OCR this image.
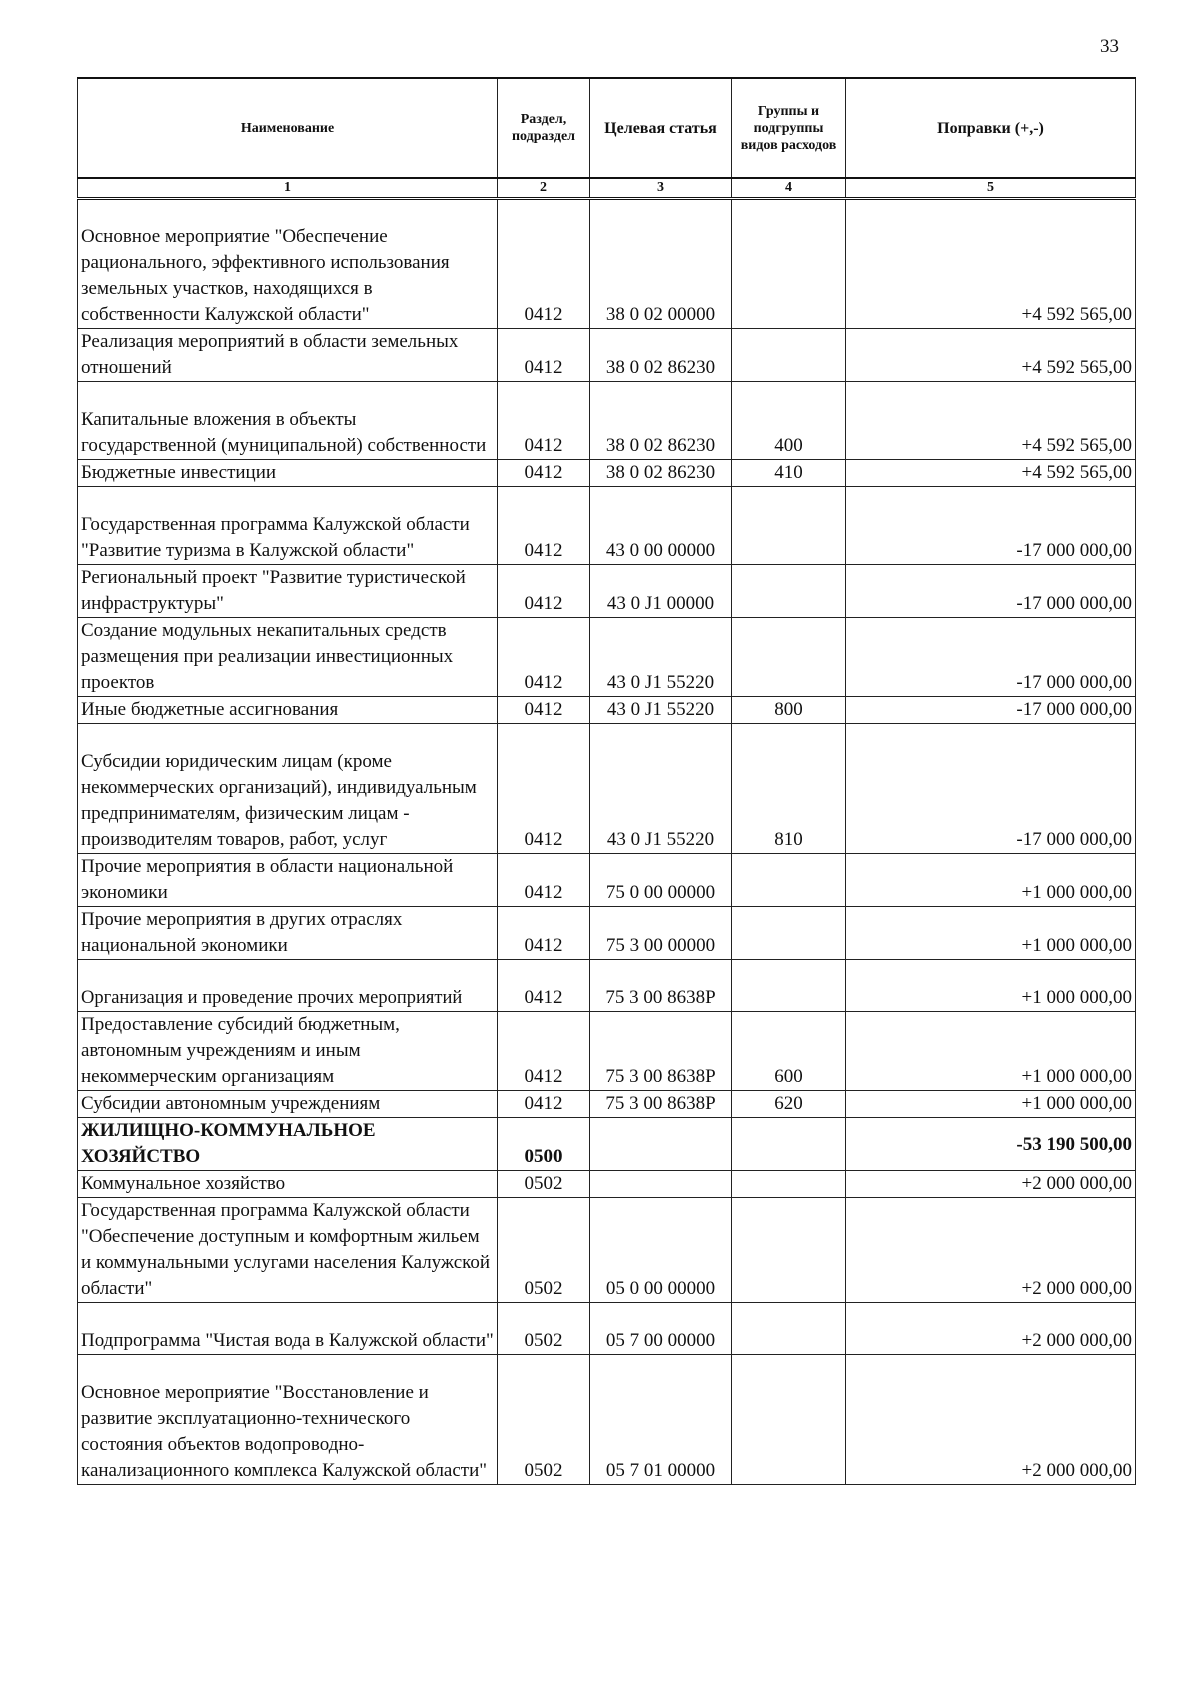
33
Наименование	Раздел, подраздел	Целевая статья	Группы и подгруппы видов расходов	Поправки (+,-)
1	2	3	4	5
Основное мероприятие "Обеспечение рационального, эффективного использования земельных участков, находящихся в собственности Калужской области"	0412	38 0 02 00000		+4 592 565,00
Реализация мероприятий в области земельных отношений	0412	38 0 02 86230		+4 592 565,00
Капитальные вложения в объекты государственной (муниципальной) собственности	0412	38 0 02 86230	400	+4 592 565,00
Бюджетные инвестиции	0412	38 0 02 86230	410	+4 592 565,00
Государственная программа Калужской области "Развитие туризма в Калужской области"	0412	43 0 00 00000		-17 000 000,00
Региональный проект "Развитие туристической инфраструктуры"	0412	43 0 J1 00000		-17 000 000,00
Создание модульных некапитальных средств размещения при реализации инвестиционных проектов	0412	43 0 J1 55220		-17 000 000,00
Иные бюджетные ассигнования	0412	43 0 J1 55220	800	-17 000 000,00
Субсидии юридическим лицам (кроме некоммерческих организаций), индивидуальным предпринимателям, физическим лицам - производителям товаров, работ, услуг	0412	43 0 J1 55220	810	-17 000 000,00
Прочие мероприятия в области национальной экономики	0412	75 0 00 00000		+1 000 000,00
Прочие мероприятия в других отраслях национальной экономики	0412	75 3 00 00000		+1 000 000,00
Организация и проведение прочих мероприятий	0412	75 3 00 8638P		+1 000 000,00
Предоставление субсидий бюджетным, автономным учреждениям и иным некоммерческим организациям	0412	75 3 00 8638P	600	+1 000 000,00
Субсидии автономным учреждениям	0412	75 3 00 8638P	620	+1 000 000,00
ЖИЛИЩНО-КОММУНАЛЬНОЕ ХОЗЯЙСТВО	0500			-53 190 500,00
Коммунальное хозяйство	0502			+2 000 000,00
Государственная программа Калужской области "Обеспечение доступным и комфортным жильем и коммунальными услугами населения Калужской области"	0502	05 0 00 00000		+2 000 000,00
Подпрограмма "Чистая вода в Калужской области"	0502	05 7 00 00000		+2 000 000,00
Основное мероприятие "Восстановление и развитие эксплуатационно-технического состояния объектов водопроводно-канализационного комплекса Калужской области"	0502	05 7 01 00000		+2 000 000,00
